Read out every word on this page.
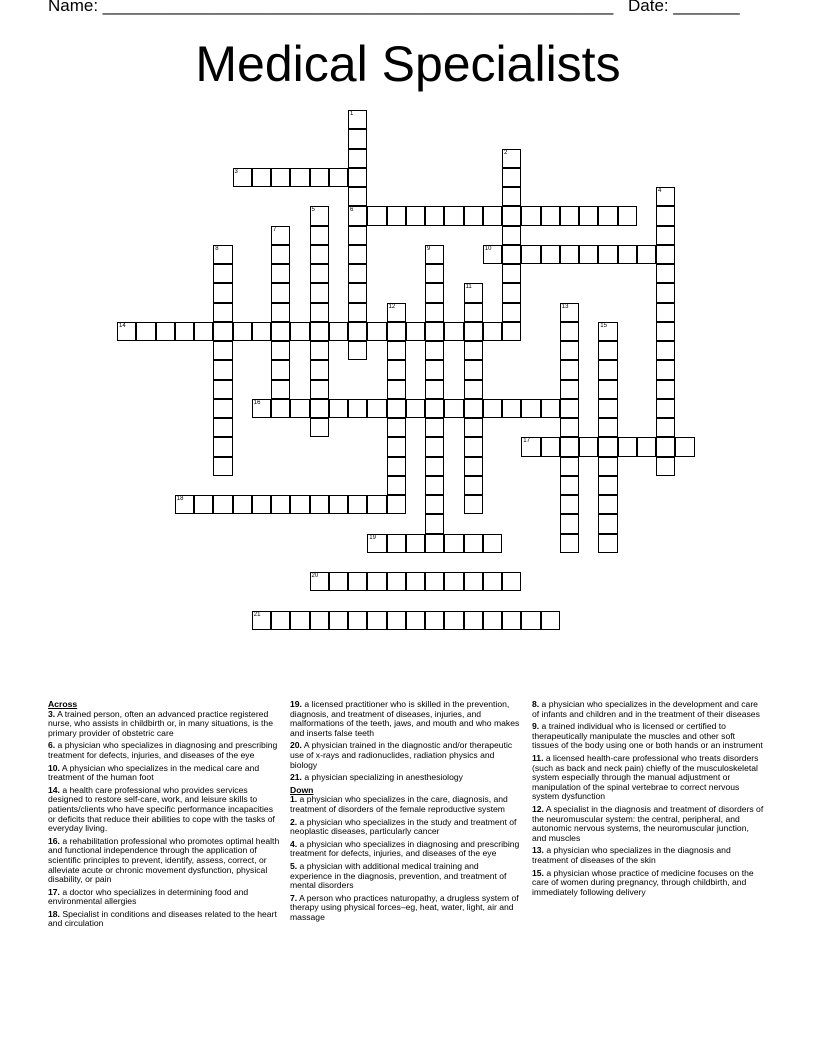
Name: ______________________________________________________ Date: _______
Medical Specialists
1
6
2
3
4
5
7
8	9	10
11
12	13
14	15
16
17
18
19
20
21
Across
3. A trained person, often an advanced practice registered nurse, who assists in childbirth or, in many situations, is the primary provider of obstetric care
6. a physician who specializes in diagnosing and prescribing treatment for defects, injuries, and diseases of the eye
10. A physician who specializes in the medical care and treatment of the human foot
14. a health care professional who provides services designed to restore self-care, work, and leisure skills to patients/clients who have specific performance incapacities or deficits that reduce their abilities to cope with the tasks of everyday living.
16. a rehabilitation professional who promotes optimal health and functional independence through the application of scientific principles to prevent, identify, assess, correct, or alleviate acute or chronic movement dysfunction, physical disability, or pain
17. a doctor who specializes in determining food and environmental allergies
18. Specialist in conditions and diseases related to the heart and circulation
19. a licensed practitioner who is skilled in the prevention, diagnosis, and treatment of diseases, injuries, and malformations of the teeth, jaws, and mouth and who makes and inserts false teeth
20. A physician trained in the diagnostic and/or therapeutic use of x-rays and radionuclides, radiation physics and biology
21. a physician specializing in anesthesiology
Down
1. a physician who specializes in the care, diagnosis, and treatment of disorders of the female reproductive system
2. a physician who specializes in the study and treatment of neoplastic diseases, particularly cancer
4. a physician who specializes in diagnosing and prescribing treatment for defects, injuries, and diseases of the eye
5. a physician with additional medical training and experience in the diagnosis, prevention, and treatment of mental disorders
7. A person who practices naturopathy, a drugless system of therapy using physical forces–eg, heat, water, light, air and massage
8. a physician who specializes in the development and care of infants and children and in the treatment of their diseases
9. a trained individual who is licensed or certified to therapeutically manipulate the muscles and other soft tissues of the body using one or both hands or an instrument
11. a licensed health-care professional who treats disorders (such as back and neck pain) chiefly of the musculoskeletal system especially through the manual adjustment or manipulation of the spinal vertebrae to correct nervous system dysfunction
12. A specialist in the diagnosis and treatment of disorders of the neuromuscular system: the central, peripheral, and autonomic nervous systems, the neuromuscular junction, and muscles
13. a physician who specializes in the diagnosis and treatment of diseases of the skin
15. a physician whose practice of medicine focuses on the care of women during pregnancy, through childbirth, and immediately following delivery
